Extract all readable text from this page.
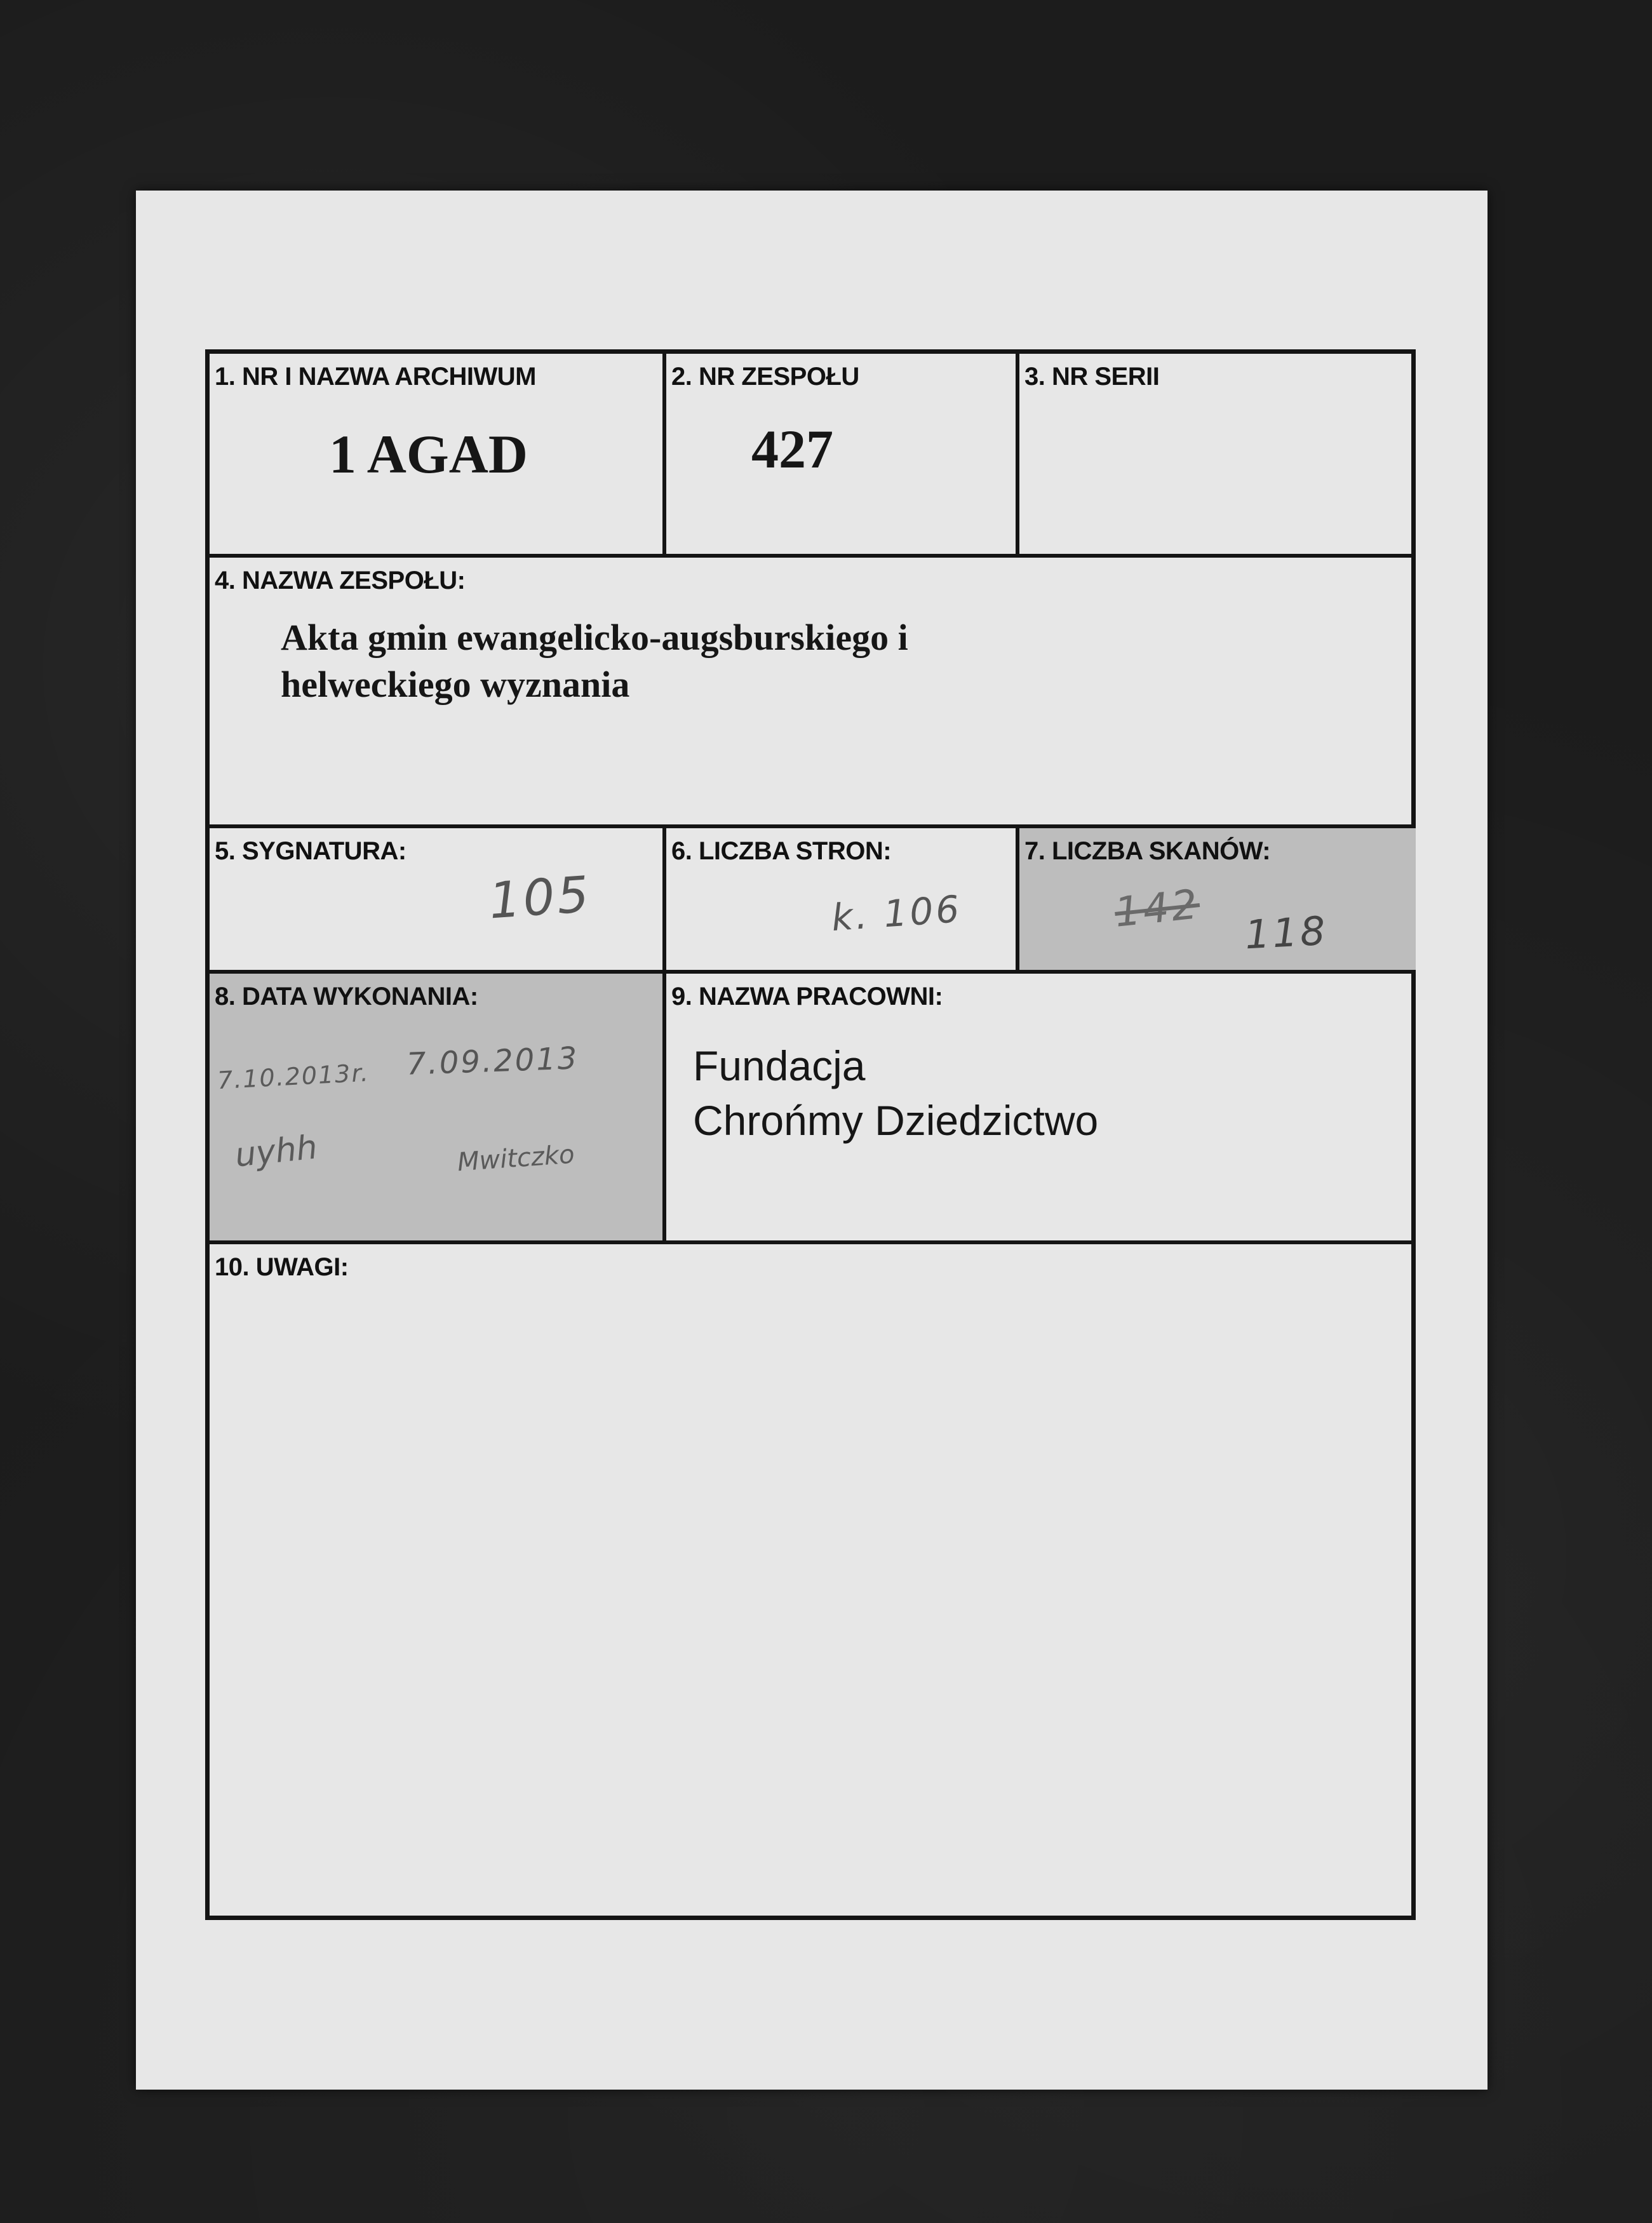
1. NR I NAZWA ARCHIWUM
1 AGAD
2. NR ZESPOŁU
427
3. NR SERII
4. NAZWA ZESPOŁU:
Akta gmin ewangelicko-augsburskiego i
helweckiego wyznania
5. SYGNATURA:
105
6. LICZBA STRON:
k. 106
7. LICZBA SKANÓW:
142 118
8. DATA WYKONANIA:
7.10.2013r. 7.09.2013
uyhh	Mwitczko
9. NAZWA PRACOWNI:
Fundacja
Chrońmy Dziedzictwo
10. UWAGI:
